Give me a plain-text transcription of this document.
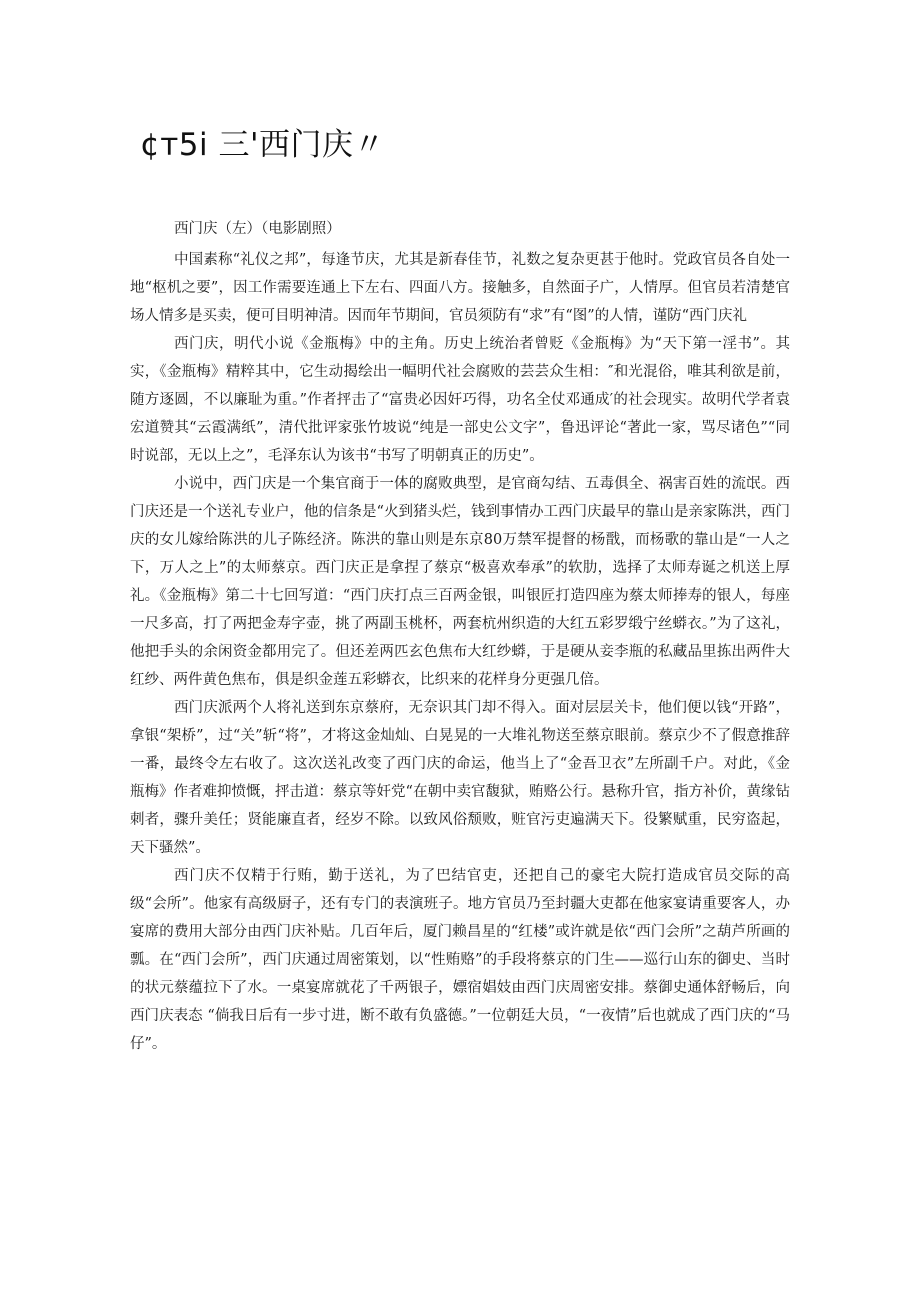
¢т5i 三'西门庆〃

西门庆（左）（电影剧照）

中国素称“礼仪之邦”，每逢节庆，尤其是新春佳节，礼数之复杂更甚于他时。党政官员各自处一地“枢机之要”，因工作需要连通上下左右、四面八方。接触多，自然面子广，人情厚。但官员若清楚官场人情多是买卖，便可目明神清。因而年节期间，官员须防有“求”有“图”的人情，谨防“西门庆礼

西门庆，明代小说《金瓶梅》中的主角。历史上统治者曾贬《金瓶梅》为“天下第一淫书”。其实，《金瓶梅》精粹其中，它生动揭绘出一幅明代社会腐败的芸芸众生相：″和光混俗，唯其利欲是前，随方逐圆，不以廉耻为重。”作者抨击了“富贵必因奸巧得，功名全仗邓通成′的社会现实。故明代学者袁宏道赞其“云霞满纸”，清代批评家张竹坡说“纯是一部史公文字”，鲁迅评论“著此一家，骂尽诸色”“同时说部，无以上之”，毛泽东认为该书“书写了明朝真正的历史”。

小说中，西门庆是一个集官商于一体的腐败典型，是官商勾结、五毒俱全、祸害百姓的流氓。西门庆还是一个送礼专业户，他的信条是“火到猪头烂，钱到事情办工西门庆最早的靠山是亲家陈洪，西门庆的女儿嫁给陈洪的儿子陈经济。陈洪的靠山则是东京80万禁军提督的杨戬，而杨歌的靠山是“一人之下，万人之上”的太师蔡京。西门庆正是拿捏了蔡京“极喜欢奉承”的软肋，选择了太师寿诞之机送上厚礼。《金瓶梅》第二十七回写道：“西门庆打点三百两金银，叫银匠打造四座为蔡太师捧寿的银人，每座一尺多高，打了两把金寿字壶，挑了两副玉桃杯，两套杭州织造的大红五彩罗缎宁丝蟒衣。”为了这礼，他把手头的余闲资金都用完了。但还差两匹玄色焦布大红纱蟒，于是硬从妾李瓶的私藏品里拣出两件大红纱、两件黄色焦布，俱是织金莲五彩蟒衣，比织来的花样身分更强几倍。

西门庆派两个人将礼送到东京蔡府，无奈识其门却不得入。面对层层关卡，他们便以钱“开路”，拿银“架桥”，过“关”斩“将”，才将这金灿灿、白晃晃的一大堆礼物送至蔡京眼前。蔡京少不了假意推辞一番，最终令左右收了。这次送礼改变了西门庆的命运，他当上了“金吾卫衣”左所副千户。对此，《金瓶梅》作者难抑愤慨，抨击道：蔡京等奸党“在朝中卖官馥狱，贿赂公行。悬称升官，指方补价，黄缘钻刺者，骤升美任；贤能廉直者，经岁不除。以致风俗颓败，赃官污吏遍满天下。役繁赋重，民穷盗起，天下骚然”。

西门庆不仅精于行贿，勤于送礼，为了巴结官吏，还把自己的豪宅大院打造成官员交际的高级“会所”。他家有高级厨子，还有专门的表演班子。地方官员乃至封疆大吏都在他家宴请重要客人，办宴席的费用大部分由西门庆补贴。几百年后，厦门赖昌星的“红楼”或许就是依“西门会所”之葫芦所画的瓢。在“西门会所”，西门庆通过周密策划，以“性贿赂”的手段将蔡京的门生——巡行山东的御史、当时的状元蔡蕴拉下了水。一桌宴席就花了千两银子，嫖宿娼妓由西门庆周密安排。蔡御史通体舒畅后，向西门庆表态 “倘我日后有一步寸进，断不敢有负盛德。”一位朝廷大员，“一夜情”后也就成了西门庆的“马仔”。
